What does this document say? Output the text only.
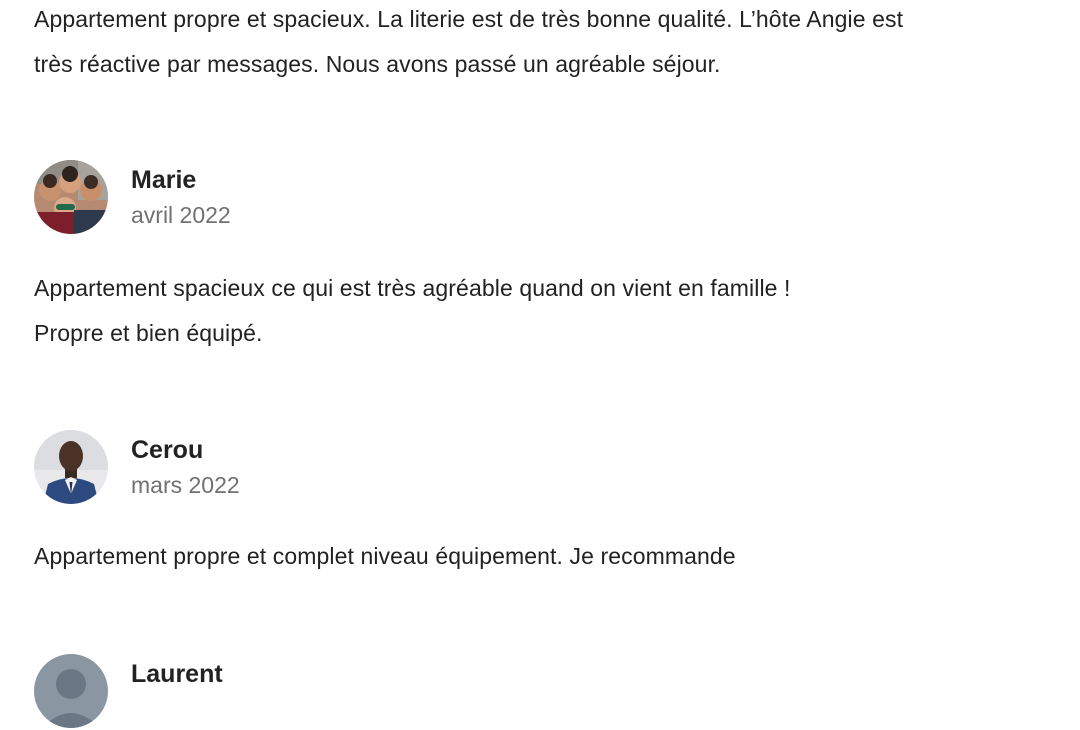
Appartement propre et spacieux. La literie est de très bonne qualité. L’hôte Angie est
très réactive par messages. Nous avons passé un agréable séjour.
Marie
avril 2022
Appartement spacieux ce qui est très agréable quand on vient en famille !
Propre et bien équipé.
Cerou
mars 2022
Appartement propre et complet niveau équipement. Je recommande
Laurent
